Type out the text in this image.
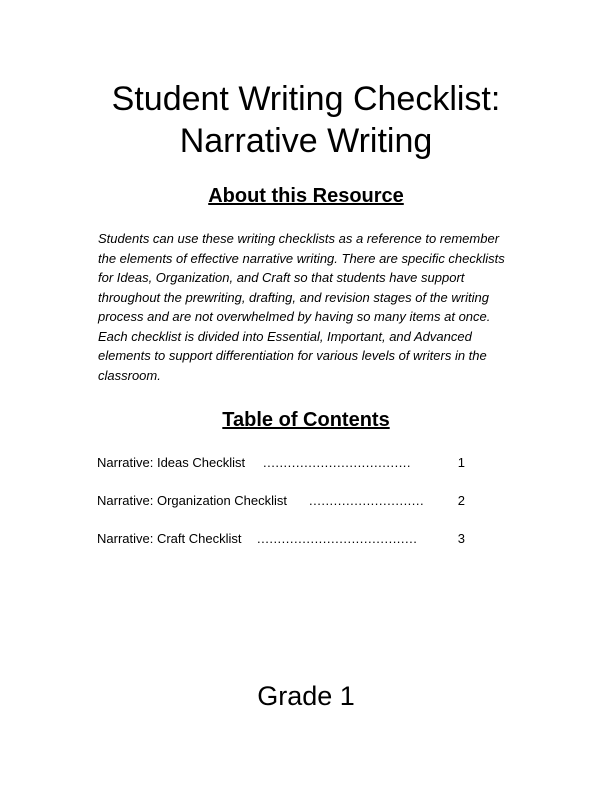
Student Writing Checklist:
Narrative Writing
About this Resource

Students can use these writing checklists as a reference to remember the elements of effective narrative writing. There are specific checklists for Ideas, Organization, and Craft so that students have support throughout the prewriting, drafting, and revision stages of the writing process and are not overwhelmed by having so many items at once. Each checklist is divided into Essential, Important, and Advanced elements to support differentiation for various levels of writers in the classroom.

Table of Contents
Narrative: Ideas Checklist ....................................	1
Narrative: Organization Checklist ............................	2
Narrative: Craft Checklist .......................................	3

Grade 1
